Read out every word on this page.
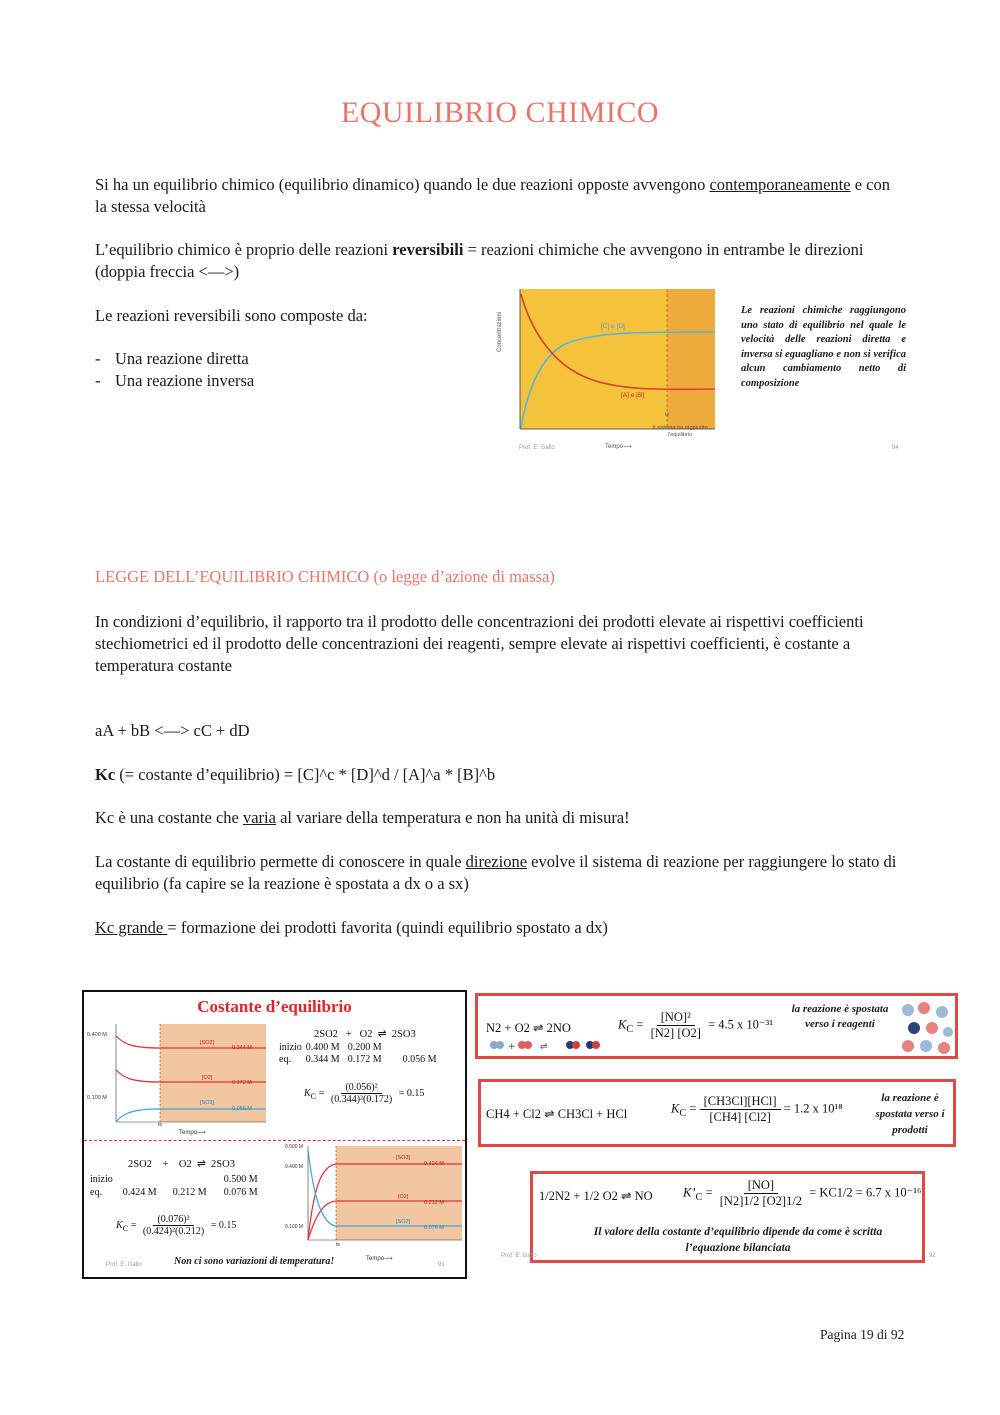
EQUILIBRIO CHIMICO
Si ha un equilibrio chimico (equilibrio dinamico) quando le due reazioni opposte avvengono contemporaneamente e con la stessa velocità
L’equilibrio chimico è proprio delle reazioni reversibili = reazioni chimiche che avvengono in entrambe le direzioni (doppia freccia <—>)
Le reazioni reversibili sono composte da:
- Una reazione diretta
- Una reazione inversa
[C] e [D]
[A] e [B]
Concentrazioni
te
Il sistema ha raggiunto l’equilibrio
Tempo⟶
Prof. E. Gallo	94
Le reazioni chimiche raggiungono uno stato di equilibrio nel quale le velocità delle reazioni diretta e inversa si eguagliano e non si verifica alcun cambiamento netto di composizione
LEGGE DELL’EQUILIBRIO CHIMICO (o legge d’azione di massa)
In condizioni d’equilibrio, il rapporto tra il prodotto delle concentrazioni dei prodotti elevate ai rispettivi coefficienti stechiometrici ed il prodotto delle concentrazioni dei reagenti, sempre elevate ai rispettivi coefficienti, è costante a temperatura costante
aA + bB <—> cC + dD
Kc (= costante d’equilibrio) = [C]^c * [D]^d / [A]^a * [B]^b
Kc è una costante che varia al variare della temperatura e non ha unità di misura!
La costante di equilibrio permette di conoscere in quale direzione evolve il sistema di reazione per raggiungere lo stato di equilibrio (fa capire se la reazione è spostata a dx o a sx)
Kc grande = formazione dei prodotti favorita (quindi equilibrio spostato a dx)
Costante d’equilibrio
0.400 M
0.100 M
[SO2]
0.344 M
[O2]
0.172 M
[SO3]
0.056 M
te
Tempo⟶
2SO2 + O2  ⇌  2SO3
inizio	0.400 M	0.200 M	
eq.	0.344 M	0.172 M	0.056 M
$K_C = \frac{\text{(0.056)²}}{\text{(0.344)²(0.172)}} = 0.15$
2SO2 + O2  ⇌  2SO3
inizio			0.500 M
eq.	0.424 M	0.212 M	0.076 M
$K_C = \frac{\text{(0.076)²}}{\text{(0.424)²(0.212)}} = 0.15$
0.500 M
0.400 M
0.100 M
[SO3]
0.424 M
[O2]
0.212 M
[SO2]
0.076 M
te
Tempo⟶
Prof. E. Gallo	Non ci sono variazioni di temperatura!	91
N2 + O2 ⇌ 2NO
+	⇌
$K_C = \frac{\text{[NO]²}}{[N2] [O2]} = 4.5$ x 10⁻³¹
la reazione è spostata verso i reagenti
CH4 + Cl2 ⇌ CH3Cl + HCl	$K_C = \frac{\text{[CH3Cl][HCl]}}{[CH4] [Cl2]} = 1.2$ x 10¹⁸
la reazione è spostata verso i prodotti
1/2N2 + 1/2 O2 ⇌ NO $K’_C = \frac{[NO]}{[N2]1/2 [O2]1/2} = KC1/2 = 6.7$ x 10⁻¹⁶
Il valore della costante d’equilibrio dipende da come è scritta l’equazione bilanciata
Prof. E. Gallo	92
Pagina 19 di 92
